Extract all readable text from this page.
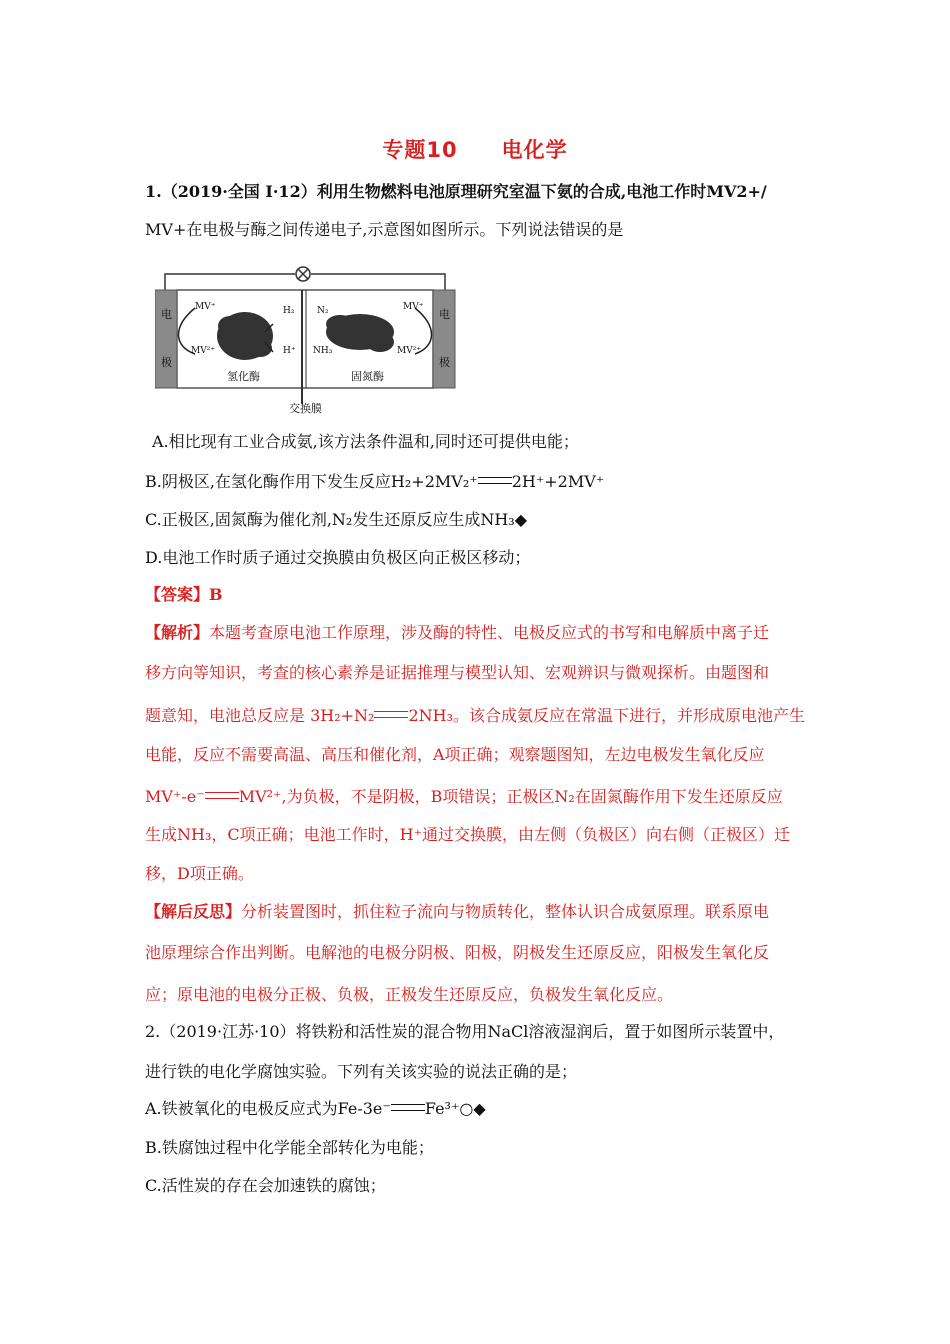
专题10　　电化学
1.（2019·全国 Ⅰ·12）利用生物燃料电池原理研究室温下氨的合成,电池工作时MV2+/
MV+在电极与酶之间传递电子,示意图如图所示。下列说法错误的是
电
极
电
极
MV⁺
MV²⁺
H₂
H⁺
N₂
NH₃
MV⁺
MV²⁺
氢化酶	固氮酶
交换膜
A.相比现有工业合成氨,该方法条件温和,同时还可提供电能；
B.阴极区,在氢化酶作用下发生反应H₂+2MV₂⁺ 2H⁺+2MV⁺
C.正极区,固氮酶为催化剂,N₂发生还原反应生成NH₃◆
D.电池工作时质子通过交换膜由负极区向正极区移动；
【答案】B
【解析】本题考查原电池工作原理，涉及酶的特性、电极反应式的书写和电解质中离子迁
移方向等知识，考查的核心素养是证据推理与模型认知、宏观辨识与微观探析。由题图和
题意知，电池总反应是 3H₂+N₂ 2NH₃。该合成氨反应在常温下进行，并形成原电池产生
电能，反应不需要高温、高压和催化剂，A项正确；观察题图知，左边电极发生氧化反应
MV⁺-e⁻ MV²⁺,为负极，不是阴极，B项错误；正极区N₂在固氮酶作用下发生还原反应
生成NH₃，C项正确；电池工作时，H⁺通过交换膜，由左侧（负极区）向右侧（正极区）迁
移，D项正确。
【解后反思】分析装置图时，抓住粒子流向与物质转化，整体认识合成氨原理。联系原电
池原理综合作出判断。电解池的电极分阴极、阳极，阴极发生还原反应，阳极发生氧化反
应；原电池的电极分正极、负极，正极发生还原反应，负极发生氧化反应。
2.（2019·江苏·10）将铁粉和活性炭的混合物用NaCl溶液湿润后，置于如图所示装置中，
进行铁的电化学腐蚀实验。下列有关该实验的说法正确的是；
A.铁被氧化的电极反应式为Fe-3e⁻ Fe³⁺○◆
B.铁腐蚀过程中化学能全部转化为电能；
C.活性炭的存在会加速铁的腐蚀；
